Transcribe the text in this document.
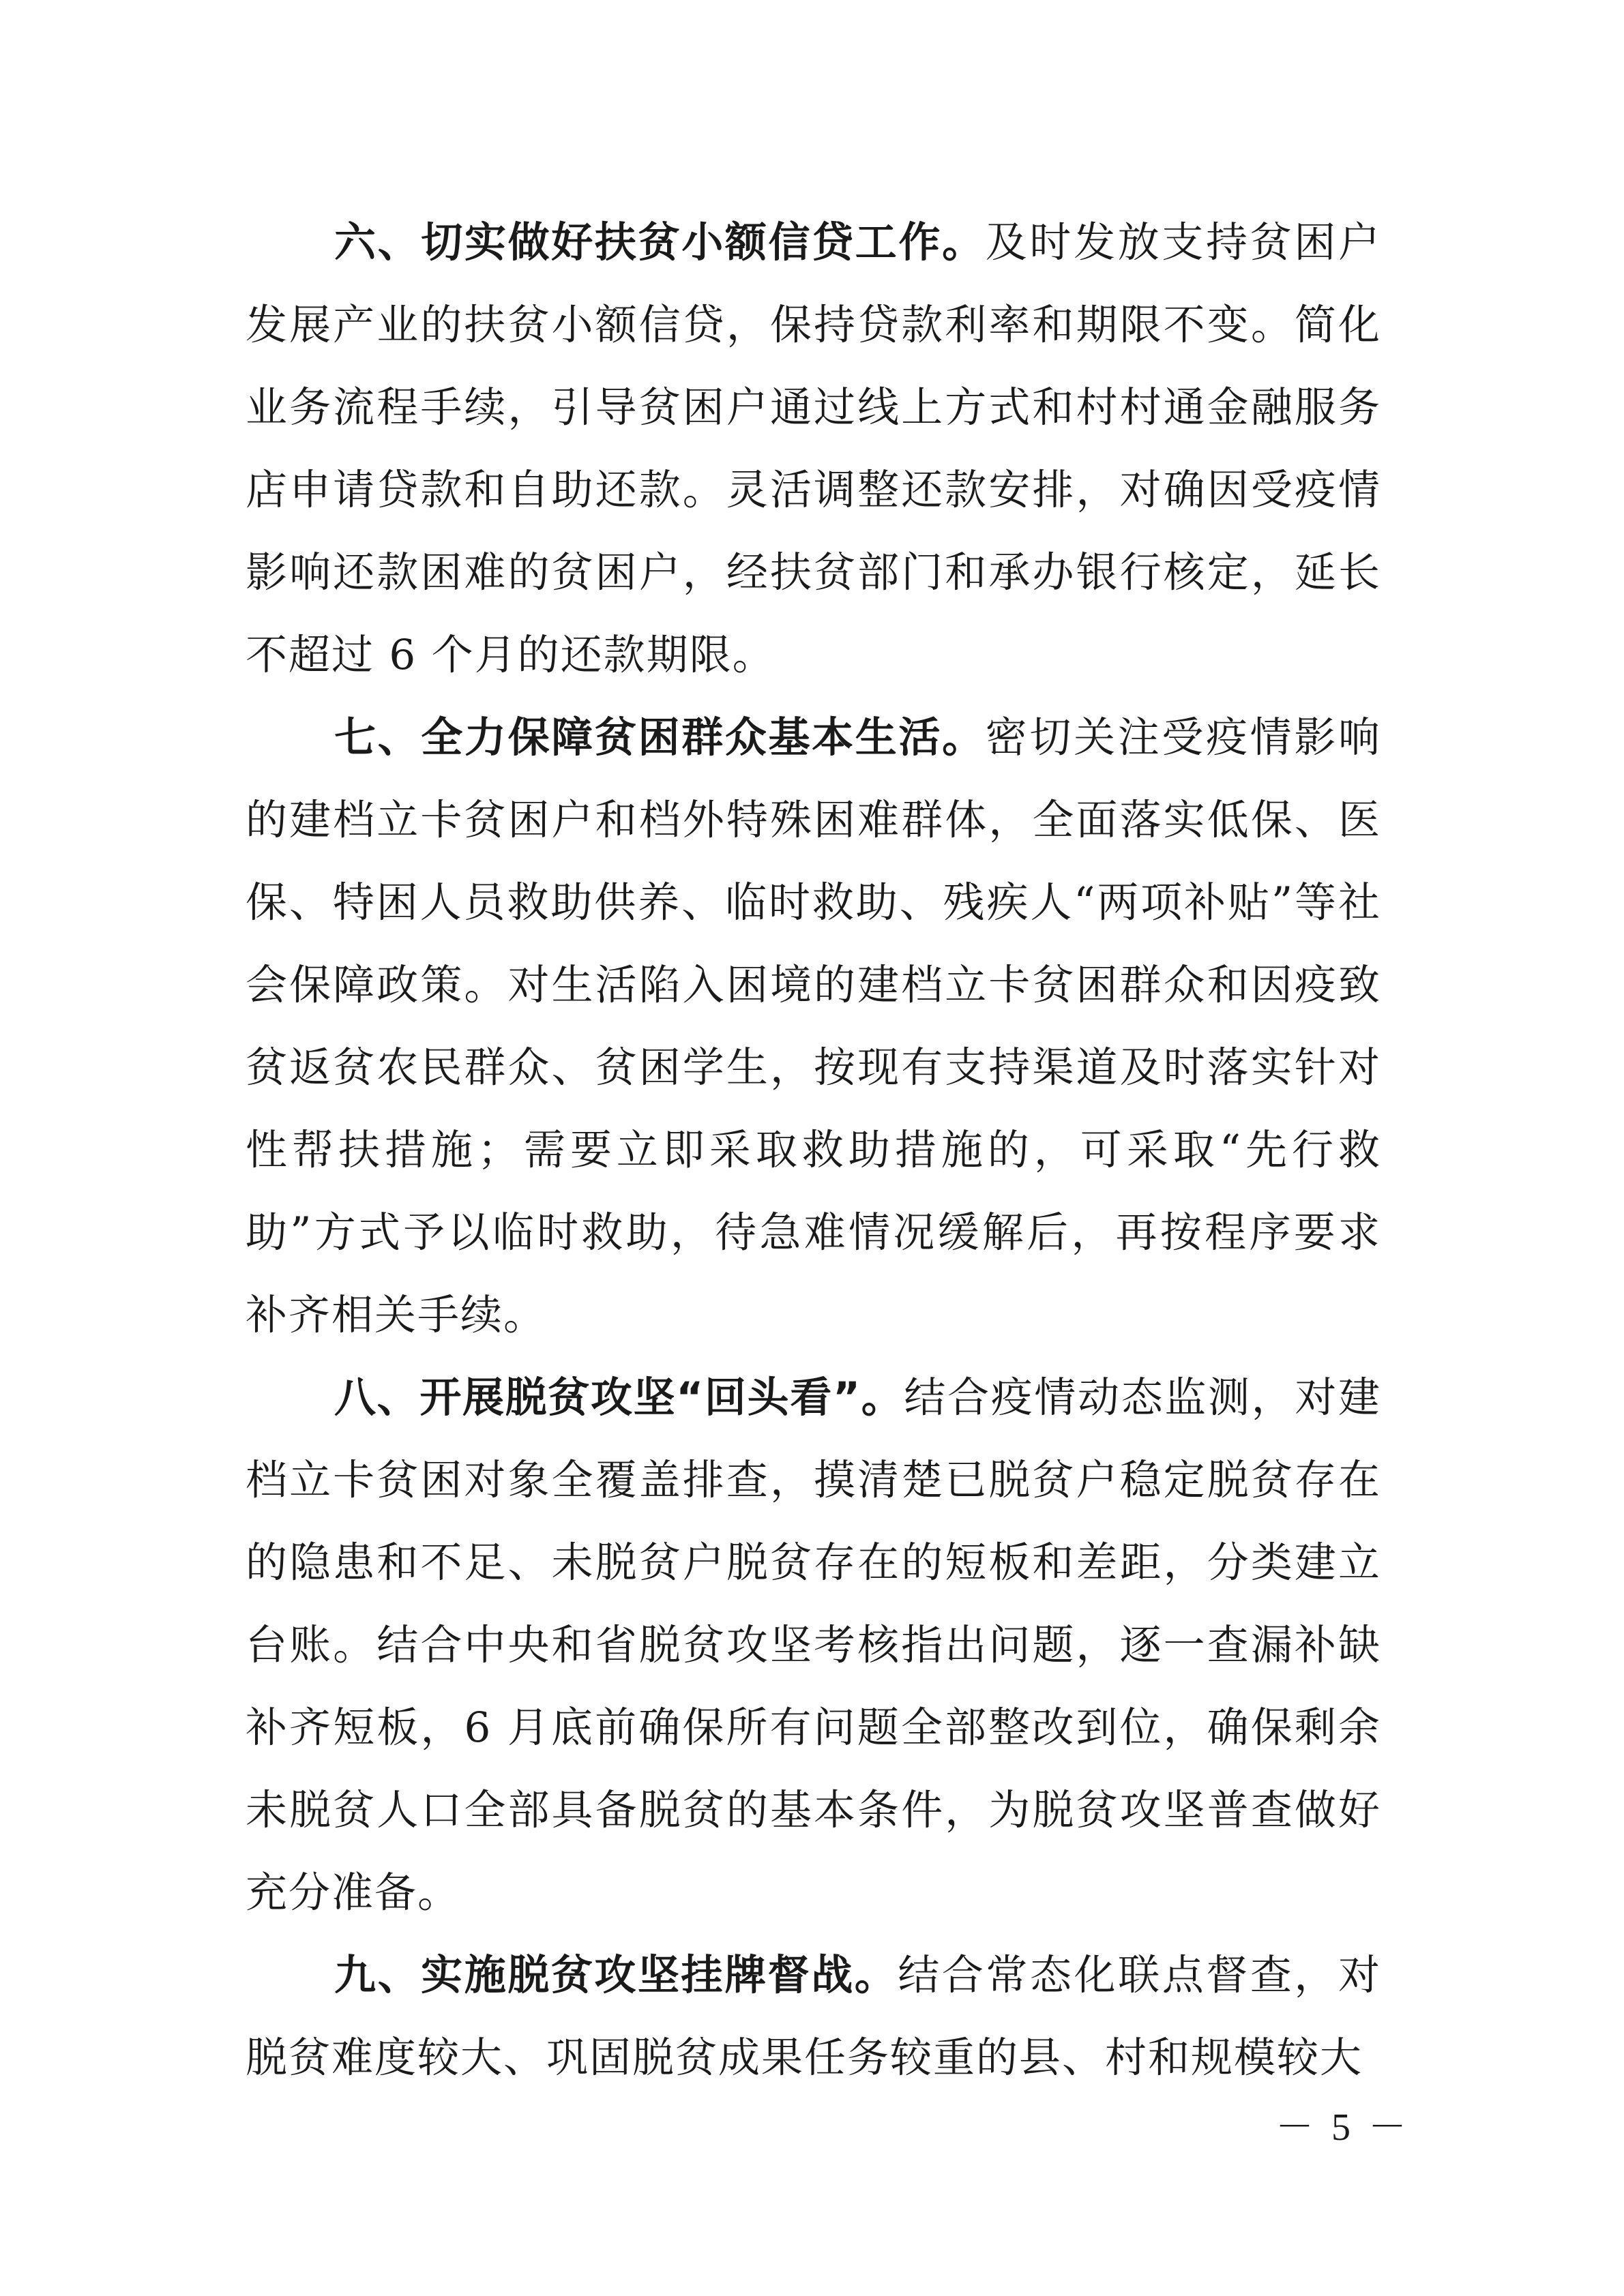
六、切实做好扶贫小额信贷工作。及时发放支持贫困户发展产业的扶贫小额信贷，保持贷款利率和期限不变。简化业务流程手续，引导贫困户通过线上方式和村村通金融服务店申请贷款和自助还款。灵活调整还款安排，对确因受疫情影响还款困难的贫困户，经扶贫部门和承办银行核定，延长不超过 6 个月的还款期限。

七、全力保障贫困群众基本生活。密切关注受疫情影响的建档立卡贫困户和档外特殊困难群体，全面落实低保、医保、特困人员救助供养、临时救助、残疾人“两项补贴”等社会保障政策。对生活陷入困境的建档立卡贫困群众和因疫致贫返贫农民群众、贫困学生，按现有支持渠道及时落实针对性帮扶措施；需要立即采取救助措施的，可采取“先行救助”方式予以临时救助，待急难情况缓解后，再按程序要求补齐相关手续。

八、开展脱贫攻坚“回头看”。结合疫情动态监测，对建档立卡贫困对象全覆盖排查，摸清楚已脱贫户稳定脱贫存在的隐患和不足、未脱贫户脱贫存在的短板和差距，分类建立台账。结合中央和省脱贫攻坚考核指出问题，逐一查漏补缺补齐短板，6 月底前确保所有问题全部整改到位，确保剩余未脱贫人口全部具备脱贫的基本条件，为脱贫攻坚普查做好充分准备。

九、实施脱贫攻坚挂牌督战。结合常态化联点督查，对脱贫难度较大、巩固脱贫成果任务较重的县、村和规模较大

－ 5 －
